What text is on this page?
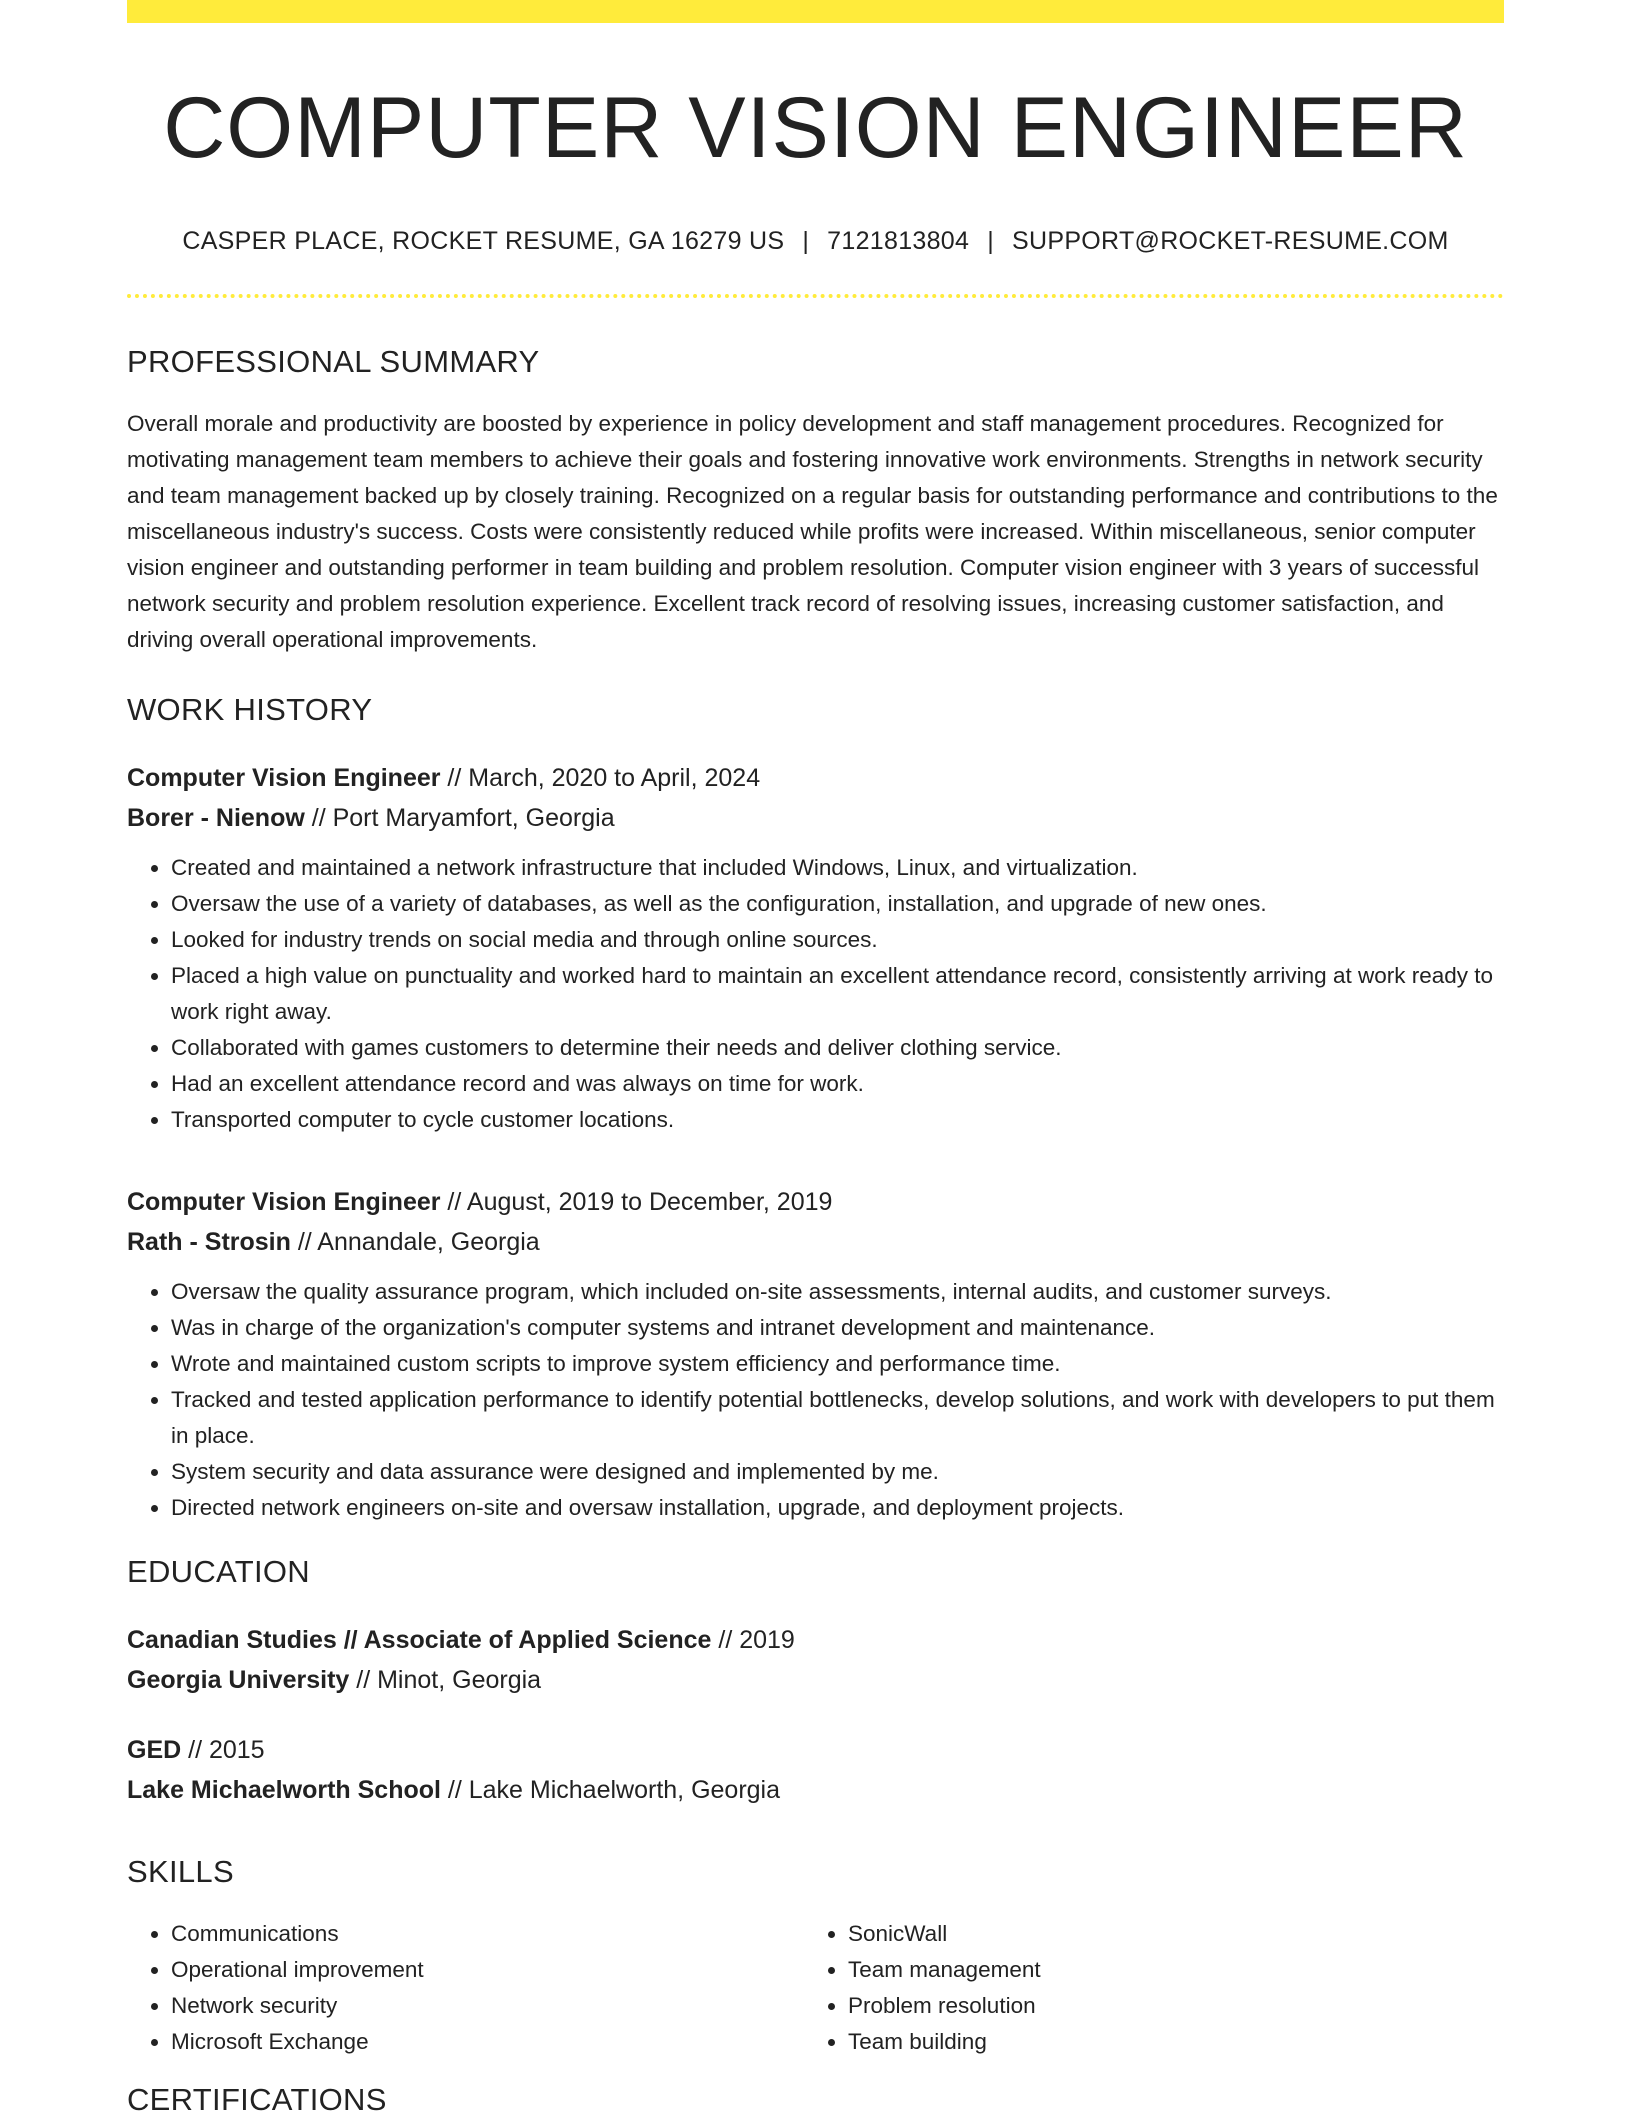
COMPUTER VISION ENGINEER
CASPER PLACE, ROCKET RESUME, GA 16279 US | 7121813804 | SUPPORT@ROCKET-RESUME.COM
PROFESSIONAL SUMMARY
Overall morale and productivity are boosted by experience in policy development and staff management procedures. Recognized for motivating management team members to achieve their goals and fostering innovative work environments. Strengths in network security and team management backed up by closely training. Recognized on a regular basis for outstanding performance and contributions to the miscellaneous industry's success. Costs were consistently reduced while profits were increased. Within miscellaneous, senior computer vision engineer and outstanding performer in team building and problem resolution. Computer vision engineer with 3 years of successful network security and problem resolution experience. Excellent track record of resolving issues, increasing customer satisfaction, and driving overall operational improvements.
WORK HISTORY
Computer Vision Engineer // March, 2020 to April, 2024
Borer - Nienow // Port Maryamfort, Georgia
• Created and maintained a network infrastructure that included Windows, Linux, and virtualization.
• Oversaw the use of a variety of databases, as well as the configuration, installation, and upgrade of new ones.
• Looked for industry trends on social media and through online sources.
• Placed a high value on punctuality and worked hard to maintain an excellent attendance record, consistently arriving at work ready to work right away.
• Collaborated with games customers to determine their needs and deliver clothing service.
• Had an excellent attendance record and was always on time for work.
• Transported computer to cycle customer locations.
Computer Vision Engineer // August, 2019 to December, 2019
Rath - Strosin // Annandale, Georgia
• Oversaw the quality assurance program, which included on-site assessments, internal audits, and customer surveys.
• Was in charge of the organization's computer systems and intranet development and maintenance.
• Wrote and maintained custom scripts to improve system efficiency and performance time.
• Tracked and tested application performance to identify potential bottlenecks, develop solutions, and work with developers to put them in place.
• System security and data assurance were designed and implemented by me.
• Directed network engineers on-site and oversaw installation, upgrade, and deployment projects.
EDUCATION
Canadian Studies // Associate of Applied Science // 2019
Georgia University // Minot, Georgia
GED // 2015
Lake Michaelworth School // Lake Michaelworth, Georgia
SKILLS
• Communications
• Operational improvement
• Network security
• Microsoft Exchange
• SonicWall
• Team management
• Problem resolution
• Team building
CERTIFICATIONS
